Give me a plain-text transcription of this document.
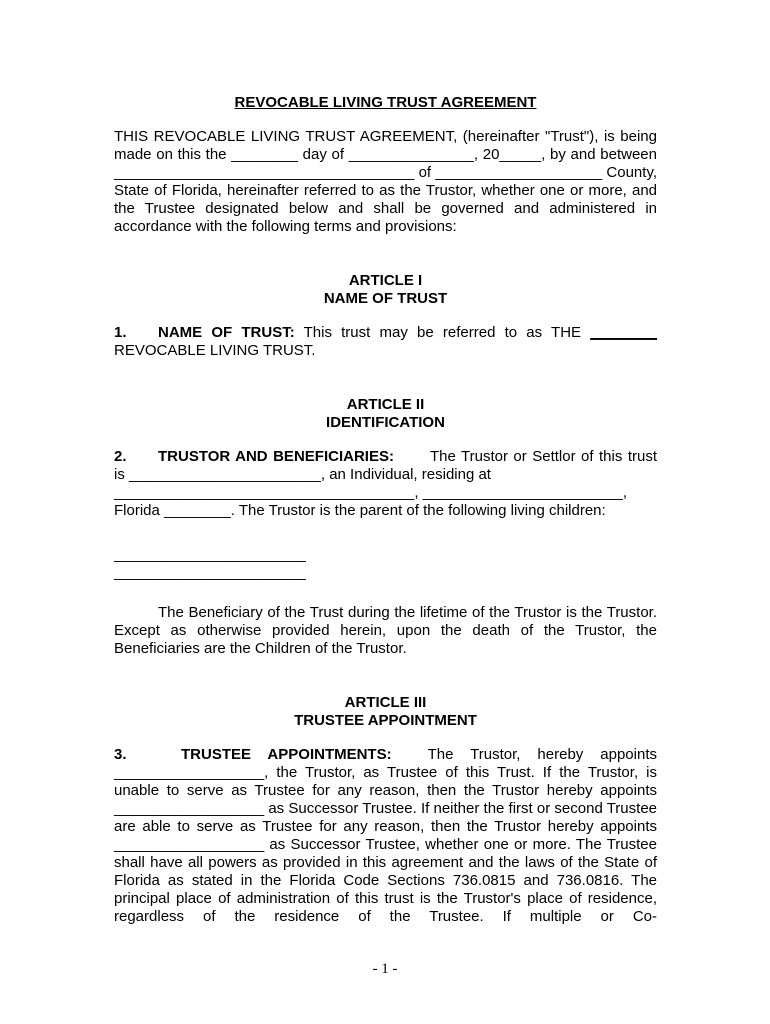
REVOCABLE LIVING TRUST AGREEMENT

THIS REVOCABLE LIVING TRUST AGREEMENT, (hereinafter "Trust"), is being

made on this the ________ day of _______________, 20_____, by and between

____________________________________ of ____________________ County,

State of Florida, hereinafter referred to as the Trustor, whether one or more, and the Trustee designated below and shall be governed and administered in accordance with the following terms and provisions:

ARTICLE I

NAME OF TRUST

1. NAME OF TRUST: This trust may be referred to as THE ________

REVOCABLE LIVING TRUST.

ARTICLE II

IDENTIFICATION

2. TRUSTOR AND BENEFICIARIES: The Trustor or Settlor of this trust

is _______________________, an Individual, residing at

____________________________________, ________________________,

Florida ________. The Trustor is the parent of the following living children:

_______________________

_______________________

The Beneficiary of the Trust during the lifetime of the Trustor is the Trustor. Except as otherwise provided herein, upon the death of the Trustor, the Beneficiaries are the Children of the Trustor.

ARTICLE III

TRUSTEE APPOINTMENT

3.	TRUSTEE APPOINTMENTS: The Trustor, hereby appoints

__________________, the Trustor, as Trustee of this Trust. If the Trustor, is unable to serve as Trustee for any reason, then the Trustor hereby appoints __________________ as Successor Trustee. If neither the first or second Trustee are able to serve as Trustee for any reason, then the Trustor hereby appoints __________________ as Successor Trustee, whether one or more. The Trustee shall have all powers as provided in this agreement and the laws of the State of Florida as stated in the Florida Code Sections 736.0815 and 736.0816. The principal place of administration of this trust is the Trustor's place of residence, regardless of the residence of the Trustee. If multiple or Co-

- 1 -
